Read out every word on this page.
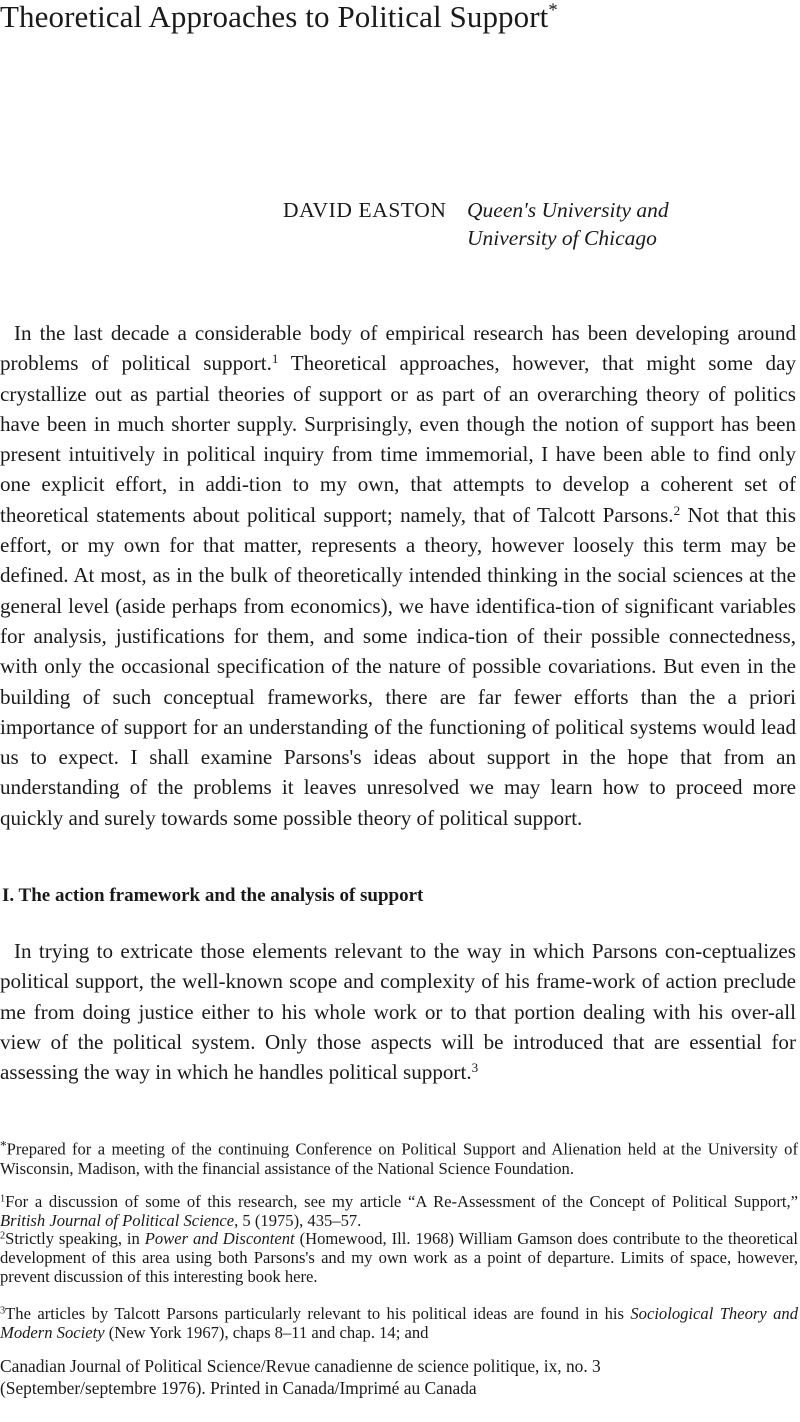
Theoretical Approaches to Political Support*
DAVID EASTON Queen's University and
University of Chicago

In the last decade a considerable body of empirical research has been developing around problems of political support.$^1$ Theoretical approaches, however, that might some day crystallize out as partial theories of support or as part of an overarching theory of politics have been in much shorter supply. Surprisingly, even though the notion of support has been present intuitively in political inquiry from time immemorial, I have been able to find only one explicit effort, in addi-tion to my own, that attempts to develop a coherent set of theoretical statements about political support; namely, that of Talcott Parsons.$^2$ Not that this effort, or my own for that matter, represents a theory, however loosely this term may be defined. At most, as in the bulk of theoretically intended thinking in the social sciences at the general level (aside perhaps from economics), we have identifica-tion of significant variables for analysis, justifications for them, and some indica-tion of their possible connectedness, with only the occasional specification of the nature of possible covariations. But even in the building of such conceptual frameworks, there are far fewer efforts than the a priori importance of support for an understanding of the functioning of political systems would lead us to expect. I shall examine Parsons's ideas about support in the hope that from an understanding of the problems it leaves unresolved we may learn how to proceed more quickly and surely towards some possible theory of political support.

I. The action framework and the analysis of support

In trying to extricate those elements relevant to the way in which Parsons con-ceptualizes political support, the well-known scope and complexity of his frame-work of action preclude me from doing justice either to his whole work or to that portion dealing with his over-all view of the political system. Only those aspects will be introduced that are essential for assessing the way in which he handles political support.$^3$

*Prepared for a meeting of the continuing Conference on Political Support and Alienation held at the University of Wisconsin, Madison, with the financial assistance of the National Science Foundation.
$^1$For a discussion of some of this research, see my article “A Re-Assessment of the Concept of Political Support,” British Journal of Political Science, 5 (1975), 435–57.
$^2$Strictly speaking, in Power and Discontent (Homewood, Ill. 1968) William Gamson does contribute to the theoretical development of this area using both Parsons's and my own work as a point of departure. Limits of space, however, prevent discussion of this interesting book here.
$^3$The articles by Talcott Parsons particularly relevant to his political ideas are found in his Sociological Theory and Modern Society (New York 1967), chaps 8–11 and chap. 14; and
Canadian Journal of Political Science/Revue canadienne de science politique, ix, no. 3
(September/septembre 1976). Printed in Canada/Imprimé au Canada
